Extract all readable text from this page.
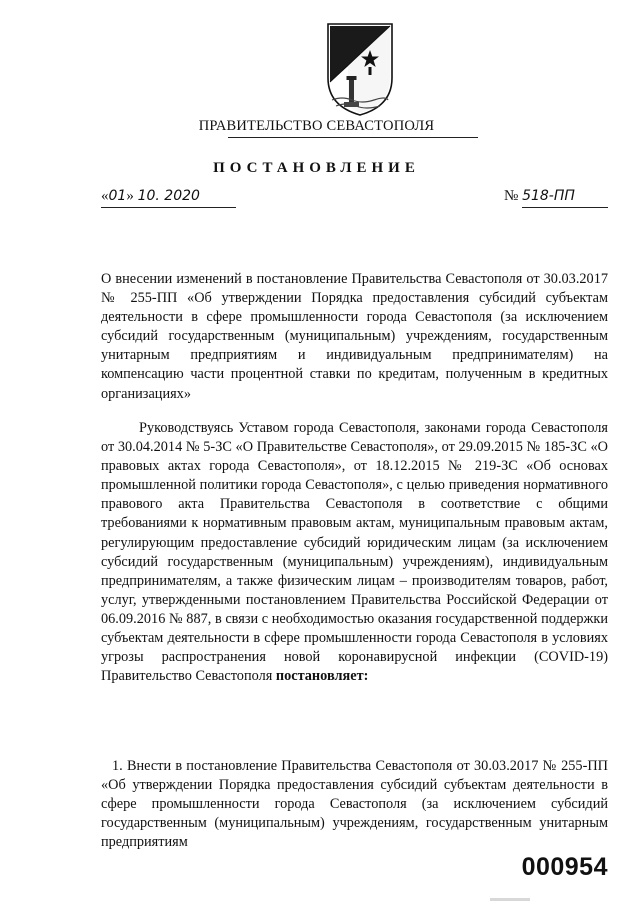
ПРАВИТЕЛЬСТВО СЕВАСТОПОЛЯ
ПОСТАНОВЛЕНИЕ
«01» 10. 2020	№ 518-ПП

О внесении изменений в постановление Правительства Севастополя от 30.03.2017 № 255-ПП «Об утверждении Порядка предоставления субсидий субъектам деятельности в сфере промышленности города Севастополя (за исключением субсидий государственным (муниципальным) учреждениям, государственным унитарным предприятиям и индивидуальным предпринимателям) на компенсацию части процентной ставки по кредитам, полученным в кредитных организациях»

Руководствуясь Уставом города Севастополя, законами города Севастополя от 30.04.2014 № 5-ЗС «О Правительстве Севастополя», от 29.09.2015 № 185-ЗС «О правовых актах города Севастополя», от 18.12.2015 № 219-ЗС «Об основах промышленной политики города Севастополя», с целью приведения нормативного правового акта Правительства Севастополя в соответствие с общими требованиями к нормативным правовым актам, муниципальным правовым актам, регулирующим предоставление субсидий юридическим лицам (за исключением субсидий государственным (муниципальным) учреждениям), индивидуальным предпринимателям, а также физическим лицам – производителям товаров, работ, услуг, утвержденными постановлением Правительства Российской Федерации от 06.09.2016 № 887, в связи с необходимостью оказания государственной поддержки субъектам деятельности в сфере промышленности города Севастополя в условиях угрозы распространения новой коронавирусной инфекции (COVID-19) Правительство Севастополя постановляет:

1. Внести в постановление Правительства Севастополя от 30.03.2017 № 255-ПП «Об утверждении Порядка предоставления субсидий субъектам деятельности в сфере промышленности города Севастополя (за исключением субсидий государственным (муниципальным) учреждениям, государственным унитарным предприятиям

000954
